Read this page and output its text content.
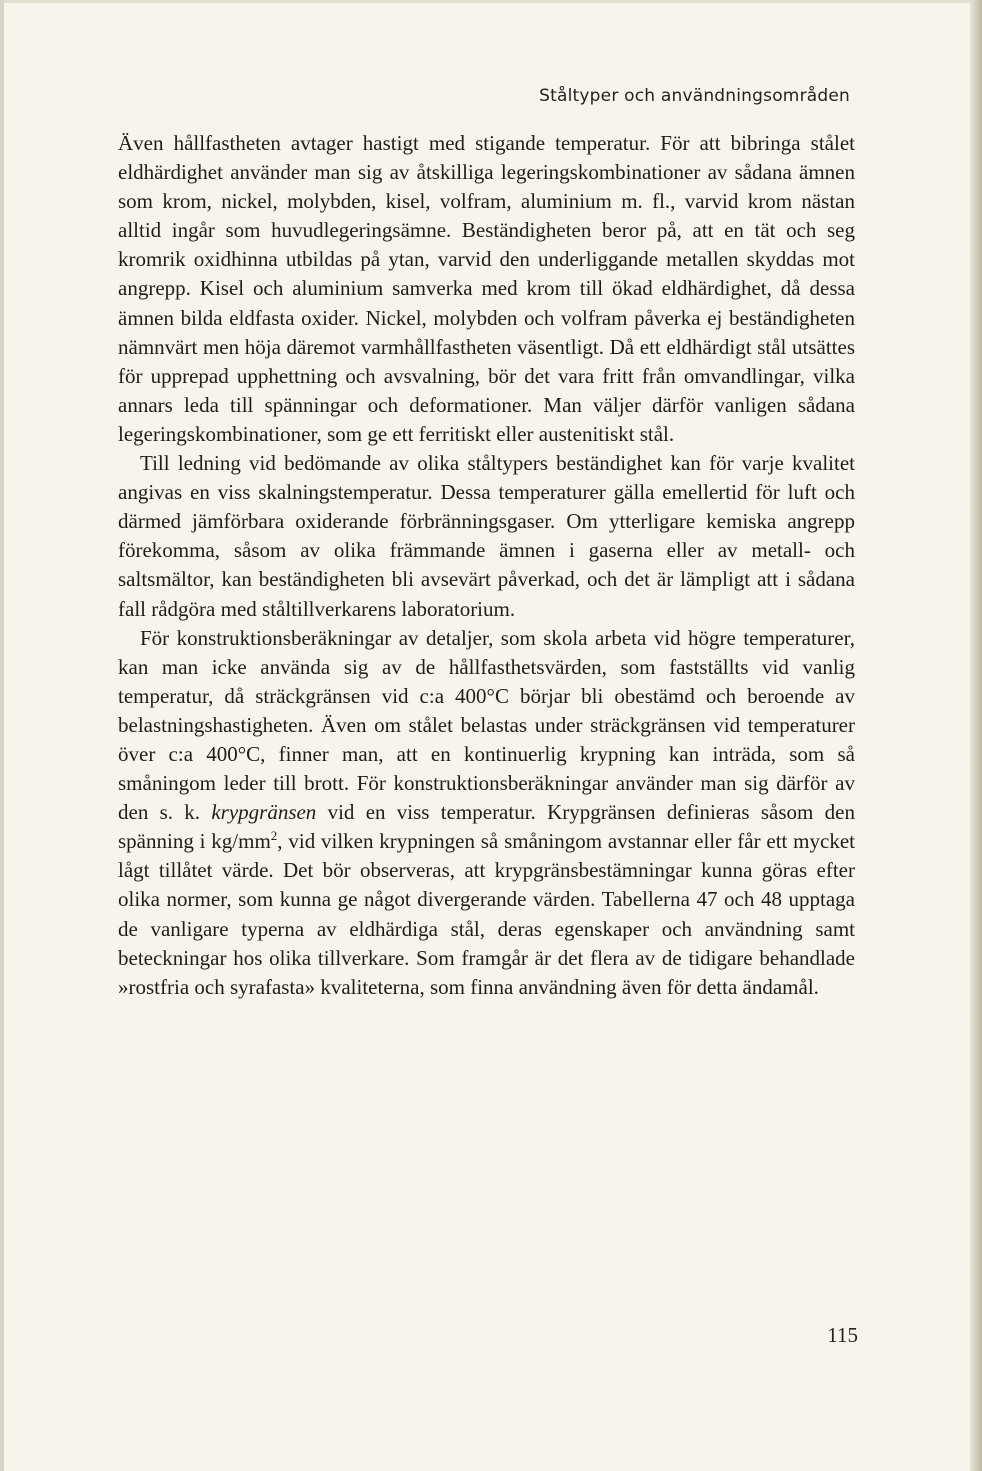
Ståltyper och användningsområden

Även hållfastheten avtager hastigt med stigande temperatur. För att bibringa stålet eldhärdighet använder man sig av åtskilliga legeringskombinationer av sådana ämnen som krom, nickel, molybden, kisel, volfram, aluminium m. fl., varvid krom nästan alltid ingår som huvudlegeringsämne. Beständigheten beror på, att en tät och seg kromrik oxidhinna utbildas på ytan, varvid den underliggande metallen skyddas mot angrepp. Kisel och aluminium samverka med krom till ökad eldhärdighet, då dessa ämnen bilda eldfasta oxider. Nickel, molybden och volfram påverka ej beständigheten nämnvärt men höja däremot varmhållfastheten väsentligt. Då ett eldhärdigt stål utsättes för upprepad upphettning och avsvalning, bör det vara fritt från omvandlingar, vilka annars leda till spänningar och deformationer. Man väljer därför vanligen sådana legeringskombinationer, som ge ett ferritiskt eller austenitiskt stål.

Till ledning vid bedömande av olika ståltypers beständighet kan för varje kvalitet angivas en viss skalningstemperatur. Dessa temperaturer gälla emellertid för luft och därmed jämförbara oxiderande förbränningsgaser. Om ytterligare kemiska angrepp förekomma, såsom av olika främmande ämnen i gaserna eller av metall- och saltsmältor, kan beständigheten bli avsevärt påverkad, och det är lämpligt att i sådana fall rådgöra med ståltillverkarens laboratorium.

För konstruktionsberäkningar av detaljer, som skola arbeta vid högre temperaturer, kan man icke använda sig av de hållfasthetsvärden, som fastställts vid vanlig temperatur, då sträckgränsen vid c:a 400°C börjar bli obestämd och beroende av belastningshastigheten. Även om stålet belastas under sträckgränsen vid temperaturer över c:a 400°C, finner man, att en kontinuerlig krypning kan inträda, som så småningom leder till brott. För konstruktionsberäkningar använder man sig därför av den s. k. krypgränsen vid en viss temperatur. Krypgränsen definieras såsom den spänning i $kg/mm^2$, vid vilken krypningen så småningom avstannar eller får ett mycket lågt tillåtet värde. Det bör observeras, att krypgränsbestämningar kunna göras efter olika normer, som kunna ge något divergerande värden. Tabellerna 47 och 48 upptaga de vanligare typerna av eldhärdiga stål, deras egenskaper och användning samt beteckningar hos olika tillverkare. Som framgår är det flera av de tidigare behandlade »rostfria och syrafasta» kvaliteterna, som finna användning även för detta ändamål.

115
